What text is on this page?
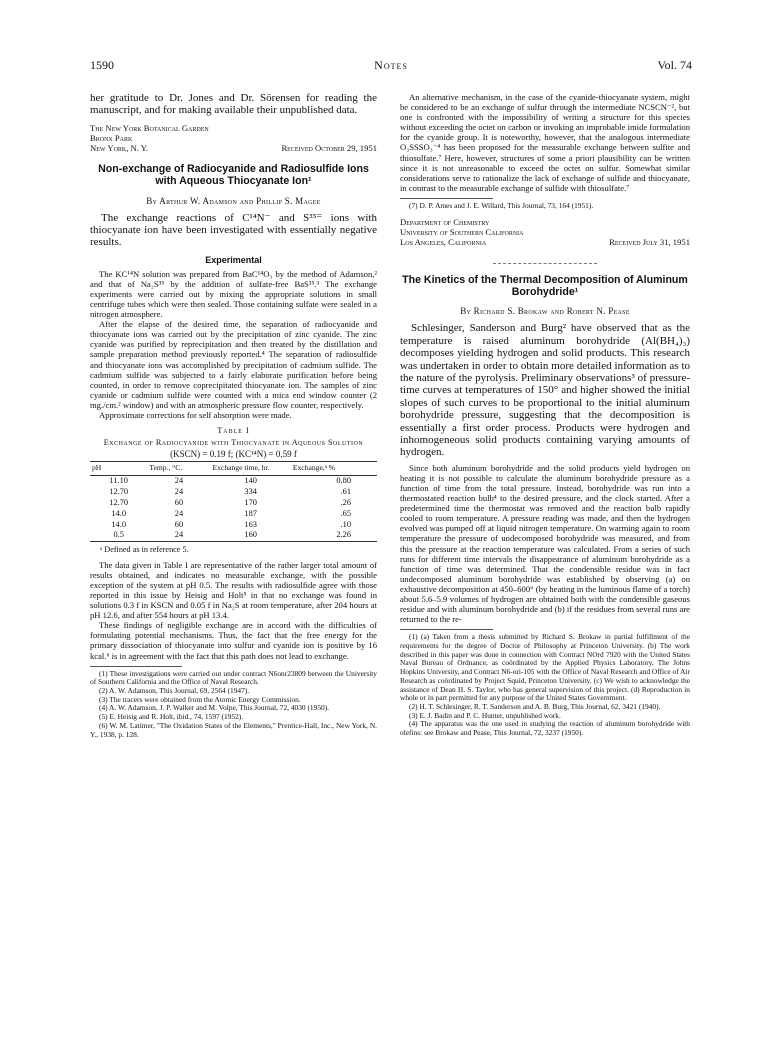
1590	Notes	Vol. 74

her gratitude to Dr. Jones and Dr. Sörensen for reading the manuscript, and for making available their unpublished data.

The New York Botanical Garden
Bronx Park
Received October 29, 1951
New York, N. Y.
Non-exchange of Radiocyanide and Radiosulfide Ions with Aqueous Thiocyanate Ion¹
By Arthur W. Adamson and Phillip S. Magee

The exchange reactions of C¹⁴N⁻ and S³⁵⁼ ions with thiocyanate ion have been investigated with essentially negative results.

Experimental

The KC¹⁴N solution was prepared from BaC¹⁴O₃ by the method of Adamson,² and that of Na₂S³⁵ by the addition of sulfate-free BaS³⁵.³ The exchange experiments were carried out by mixing the appropriate solutions in small centrifuge tubes which were then sealed. Those containing sulfate were sealed in a nitrogen atmosphere.

After the elapse of the desired time, the separation of radiocyanide and thiocyanate ions was carried out by the precipitation of zinc cyanide. The zinc cyanide was purified by reprecipitation and then treated by the distillation and sample preparation method previously reported.⁴ The separation of radiosulfide and thiocyanate ions was accomplished by precipitation of cadmium sulfide. The cadmium sulfide was subjected to a fairly elaborate purification before being counted, in order to remove coprecipitated thiocyanate ion. The samples of zinc cyanide or cadmium sulfide were counted with a mica end window counter (2 mg./cm.² window) and with an atmospheric pressure flow counter, respectively.

Approximate corrections for self absorption were made.

Table I
Exchange of Radiocyanide with Thiocyanate in Aqueous Solution
(KSCN) = 0.19 f; (KC¹⁴N) = 0.59 f
pH	Temp., °C.	Exchange time, hr.	Exchange,ᵃ %
11.10	24	140	0.80
12.70	24	334	.61
12.70	60	170	.26
14.0	24	187	.65
14.0	60	163	.10
0.5	24	160	2.26
ᵃ Defined as in reference 5.

The data given in Table I are representative of the rather larger total amount of results obtained, and indicates no measurable exchange, with the possible exception of the system at pH 0.5. The results with radiosulfide agree with those reported in this issue by Heisig and Holt⁵ in that no exchange was found in solutions 0.3 f in KSCN and 0.05 f in Na₂S at room temperature, after 204 hours at pH 12.6, and after 554 hours at pH 13.4.

These findings of negligible exchange are in accord with the difficulties of formulating potential mechanisms. Thus, the fact that the free energy for the primary dissociation of thiocyanate into sulfur and cyanide ion is positive by 16 kcal.⁶ is in agreement with the fact that this path does not lead to exchange.

(1) These investigations were carried out under contract N6onr23809 between the University of Southern California and the Office of Naval Research.

(2) A. W. Adamson, This Journal, 69, 2564 (1947).

(3) The tracers were obtained from the Atomic Energy Commission.

(4) A. W. Adamson, J. P. Walker and M. Volpe, This Journal, 72, 4030 (1950).

(5) E. Heisig and R. Holt, ibid., 74, 1597 (1952).

(6) W. M. Latimer, "The Oxidation States of the Elements," Prentice-Hall, Inc., New York, N. Y., 1938, p. 128.

An alternative mechanism, in the case of the cyanide-thiocyanate system, might be considered to be an exchange of sulfur through the intermediate NCSCN⁻², but one is confronted with the impossibility of writing a structure for this species without exceeding the octet on carbon or invoking an improbable imide formulation for the cyanide group. It is noteworthy, however, that the analogous intermediate O₃SSSO₃⁻⁴ has been proposed for the measurable exchange between sulfite and thiosulfate.⁷ Here, however, structures of some a priori plausibility can be written since it is not unreasonable to exceed the octet on sulfur. Somewhat similar considerations serve to rationalize the lack of exchange of sulfide and thiocyanate, in contrast to the measurable exchange of sulfide with thiosulfate.⁷

(7) D. P. Ames and J. E. Willard, This Journal, 73, 164 (1951).

Department of Chemistry
University of Southern California
Received July 31, 1951
Los Angeles, California
The Kinetics of the Thermal Decomposition of Aluminum Borohydride¹
By Richard S. Brokaw and Robert N. Pease

Schlesinger, Sanderson and Burg² have observed that as the temperature is raised aluminum borohydride (Al(BH₄)₃) decomposes yielding hydrogen and solid products. This research was undertaken in order to obtain more detailed information as to the nature of the pyrolysis. Preliminary observations³ of pressure-time curves at temperatures of 150° and higher showed the initial slopes of such curves to be proportional to the initial aluminum borohydride pressure, suggesting that the decomposition is essentially a first order process. Products were hydrogen and inhomogeneous solid products containing varying amounts of hydrogen.

Since both aluminum borohydride and the solid products yield hydrogen on heating it is not possible to calculate the aluminum borohydride pressure as a function of time from the total pressure. Instead, borohydride was run into a thermostated reaction bulb⁴ to the desired pressure, and the clock started. After a predetermined time the thermostat was removed and the reaction bulb rapidly cooled to room temperature. A pressure reading was made, and then the hydrogen evolved was pumped off at liquid nitrogen temperature. On warming again to room temperature the pressure of undecomposed borohydride was measured, and from this the pressure at the reaction temperature was calculated. From a series of such runs for different time intervals the disappearance of aluminum borohydride as a function of time was determined. That the condensible residue was in fact undecomposed aluminum borohydride was established by observing (a) on exhaustive decomposition at 450–600° (by heating in the luminous flame of a torch) about 5.6–5.9 volumes of hydrogen are obtained both with the condensible gaseous residue and with aluminum borohydride and (b) if the residues from several runs are returned to the re-

(1) (a) Taken from a thesis submitted by Richard S. Brokaw in partial fulfillment of the requirements for the degree of Doctor of Philosophy at Princeton University. (b) The work described in this paper was done in connection with Contract NOrd 7920 with the United States Naval Bureau of Ordnance, as coördinated by the Applied Physics Laboratory, The Johns Hopkins University, and Contract N6-ori-105 with the Office of Naval Research and Office of Air Research as coördinated by Project Squid, Princeton University. (c) We wish to acknowledge the assistance of Dean H. S. Taylor, who has general supervision of this project. (d) Reproduction in whole or in part permitted for any purpose of the United States Government.

(2) H. T. Schlesinger, R. T. Sanderson and A. B. Burg, This Journal, 62, 3421 (1940).

(3) E. J. Badin and P. C. Hunter, unpublished work.

(4) The apparatus was the one used in studying the reaction of aluminum borohydride with olefins: see Brokaw and Pease, This Journal, 72, 3237 (1950).
